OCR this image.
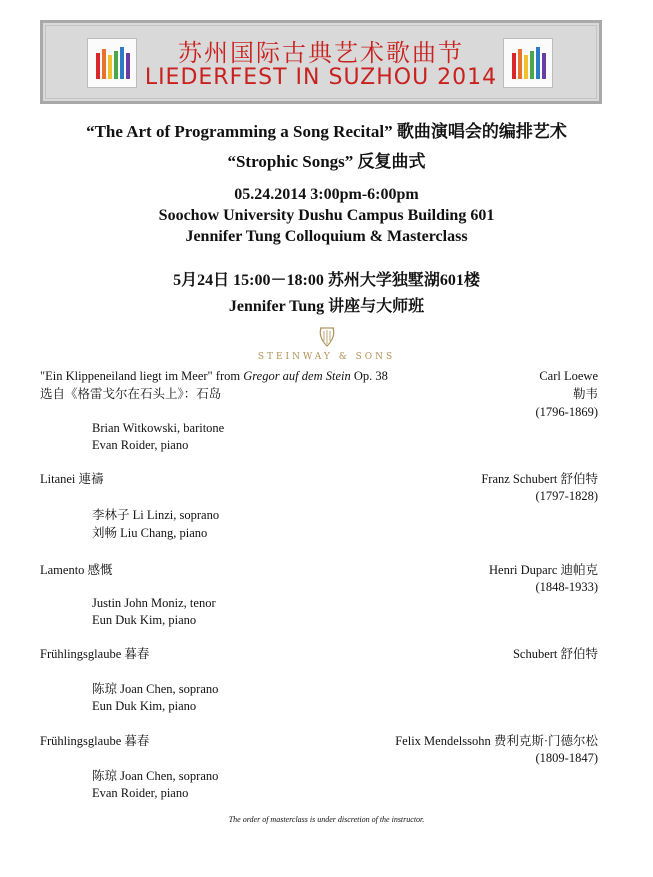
苏州国际古典艺术歌曲节
LIEDERFEST IN SUZHOU 2014
“The Art of Programming a Song Recital” 歌曲演唱会的编排艺术
“Strophic Songs” 反复曲式
05.24.2014 3:00pm-6:00pm
Soochow University Dushu Campus Building 601
Jennifer Tung Colloquium & Masterclass
5月24日 15:00－18:00 苏州大学独墅湖601楼
Jennifer Tung 讲座与大师班
STEINWAY & SONS
"Ein Klippeneiland liegt im Meer" from Gregor auf dem Stein Op. 38
选自《格雷戈尔在石头上》：石岛
Carl Loewe
勒韦
(1796-1869)
Brian Witkowski, baritone
Evan Roider, piano
Litanei 連禱	Franz Schubert 舒伯特
(1797-1828)
李林子 Li Linzi, soprano
刘畅 Liu Chang, piano
Lamento 感慨	Henri Duparc 迪帕克
(1848-1933)
Justin John Moniz, tenor
Eun Duk Kim, piano
Frühlingsglaube 暮春	Schubert 舒伯特
陈琼 Joan Chen, soprano
Eun Duk Kim, piano
Frühlingsglaube 暮春	Felix Mendelssohn 费利克斯·门德尔松
(1809-1847)
陈琼 Joan Chen, soprano
Evan Roider, piano
The order of masterclass is under discretion of the instructor.
